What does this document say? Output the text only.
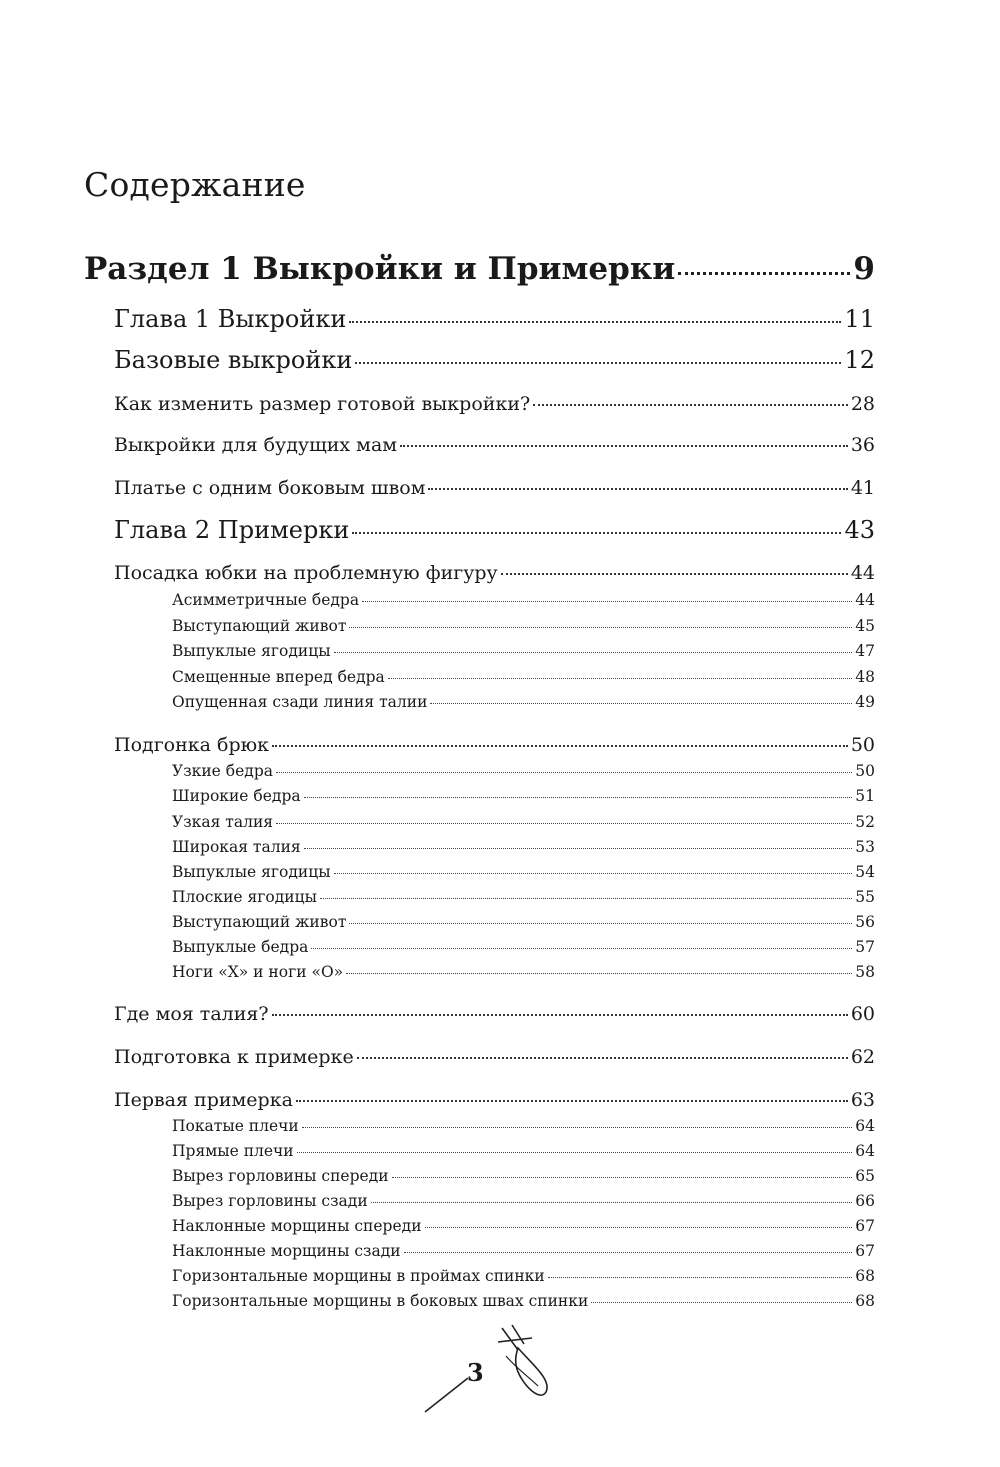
Содержание
Раздел 1 Выкройки и Примерки	9
Глава 1 Выкройки	11
Базовые выкройки	12
Как изменить размер готовой выкройки?	28
Выкройки для будущих мам	36
Платье с одним боковым швом	41
Глава 2 Примерки	43
Посадка юбки на проблемную фигуру	44
Асимметричные бедра	44
Выступающий живот	45
Выпуклые ягодицы	47
Смещенные вперед бедра	48
Опущенная сзади линия талии	49
Подгонка брюк	50
Узкие бедра	50
Широкие бедра	51
Узкая талия	52
Широкая талия	53
Выпуклые ягодицы	54
Плоские ягодицы	55
Выступающий живот	56
Выпуклые бедра	57
Ноги «Х» и ноги «О»	58
Где моя талия?	60
Подготовка к примерке	62
Первая примерка	63
Покатые плечи	64
Прямые плечи	64
Вырез горловины спереди	65
Вырез горловины сзади	66
Наклонные морщины спереди	67
Наклонные морщины сзади	67
Горизонтальные морщины в проймах спинки	68
Горизонтальные морщины в боковых швах спинки	68
3
